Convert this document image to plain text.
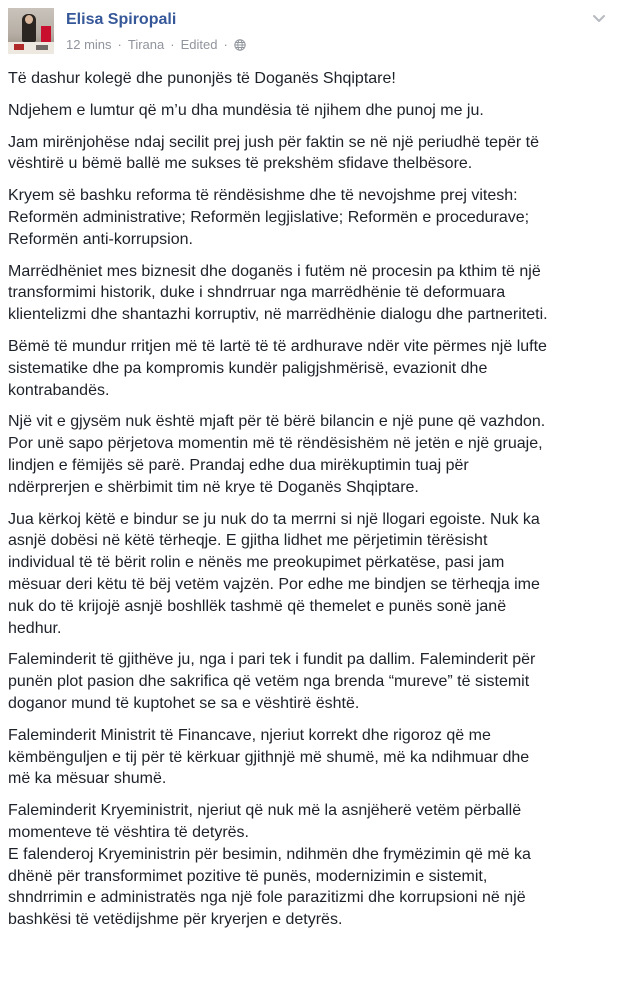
Elisa Spiropali
12 mins · Tirana · Edited ·

Të dashur kolegë dhe punonjës të Doganës Shqiptare!

Ndjehem e lumtur që m’u dha mundësia të njihem dhe punoj me ju.

Jam mirënjohëse ndaj secilit prej jush për faktin se në një periudhë tepër të
vështirë u bëmë ballë me sukses të prekshëm sfidave thelbësore.

Kryem së bashku reforma të rëndësishme dhe të nevojshme prej vitesh:
Reformën administrative; Reformën legjislative; Reformën e procedurave;
Reformën anti-korrupsion.

Marrëdhëniet mes biznesit dhe doganës i futëm në procesin pa kthim të një
transformimi historik, duke i shndrruar nga marrëdhënie të deformuara
klientelizmi dhe shantazhi korruptiv, në marrëdhënie dialogu dhe partneriteti.

Bëmë të mundur rritjen më të lartë të të ardhurave ndër vite përmes një lufte
sistematike dhe pa kompromis kundër paligjshmërisë, evazionit dhe
kontrabandës.

Një vit e gjysëm nuk është mjaft për të bërë bilancin e një pune që vazhdon.
Por unë sapo përjetova momentin më të rëndësishëm në jetën e një gruaje,
lindjen e fëmijës së parë. Prandaj edhe dua mirëkuptimin tuaj për
ndërprerjen e shërbimit tim në krye të Doganës Shqiptare.

Jua kërkoj këtë e bindur se ju nuk do ta merrni si një llogari egoiste. Nuk ka
asnjë dobësi në këtë tërheqje. E gjitha lidhet me përjetimin tërësisht
individual të të bërit rolin e nënës me preokupimet përkatëse, pasi jam
mësuar deri këtu të bëj vetëm vajzën. Por edhe me bindjen se tërheqja ime
nuk do të krijojë asnjë boshllëk tashmë që themelet e punës sonë janë
hedhur.

Faleminderit të gjithëve ju, nga i pari tek i fundit pa dallim. Faleminderit për
punën plot pasion dhe sakrifica që vetëm nga brenda “mureve” të sistemit
doganor mund të kuptohet se sa e vështirë është.

Faleminderit Ministrit të Financave, njeriut korrekt dhe rigoroz që me
këmbënguljen e tij për të kërkuar gjithnjë më shumë, më ka ndihmuar dhe
më ka mësuar shumë.

Faleminderit Kryeministrit, njeriut që nuk më la asnjëherë vetëm përballë
momenteve të vështira të detyrës.
E falenderoj Kryeministrin për besimin, ndihmën dhe frymëzimin që më ka
dhënë për transformimet pozitive të punës, modernizimin e sistemit,
shndrrimin e administratës nga një fole parazitizmi dhe korrupsioni në një
bashkësi të vetëdijshme për kryerjen e detyrës.
